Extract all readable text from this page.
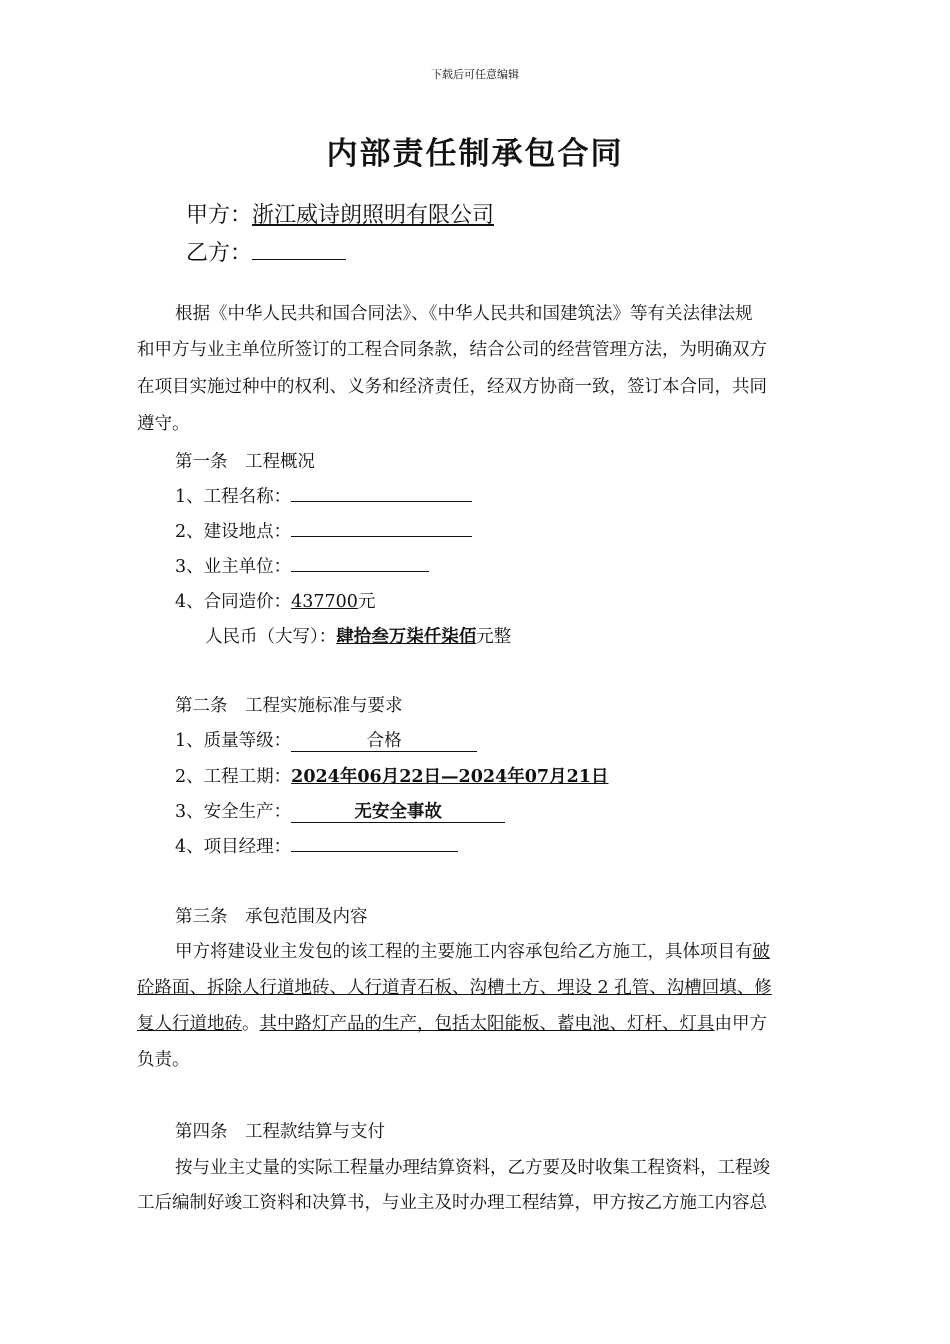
下载后可任意编辑
内部责任制承包合同
甲方：浙江威诗朗照明有限公司
乙方：
根据《中华人民共和国合同法》、《中华人民共和国建筑法》等有关法律法规
和甲方与业主单位所签订的工程合同条款，结合公司的经营管理方法，为明确双方
在项目实施过种中的权利、义务和经济责任，经双方协商一致，签订本合同，共同
遵守。
第一条　工程概况
1、工程名称：
2、建设地点：
3、业主单位：
4、合同造价：437700元
人民币（大写）：肆拾叁万柒仟柒佰元整
第二条　工程实施标准与要求
1、质量等级：	合格
2、工程工期：2024年06月22日—2024年07月21日
3、安全生产：	无安全事故
4、项目经理：
第三条　承包范围及内容
甲方将建设业主发包的该工程的主要施工内容承包给乙方施工，具体项目有破
砼路面、拆除人行道地砖、人行道青石板、沟槽土方、埋设 2 孔管、沟槽回填、修
复人行道地砖。其中路灯产品的生产，包括太阳能板、蓄电池、灯杆、灯具由甲方
负责。
第四条　工程款结算与支付
按与业主丈量的实际工程量办理结算资料，乙方要及时收集工程资料，工程竣
工后编制好竣工资料和决算书，与业主及时办理工程结算，甲方按乙方施工内容总
